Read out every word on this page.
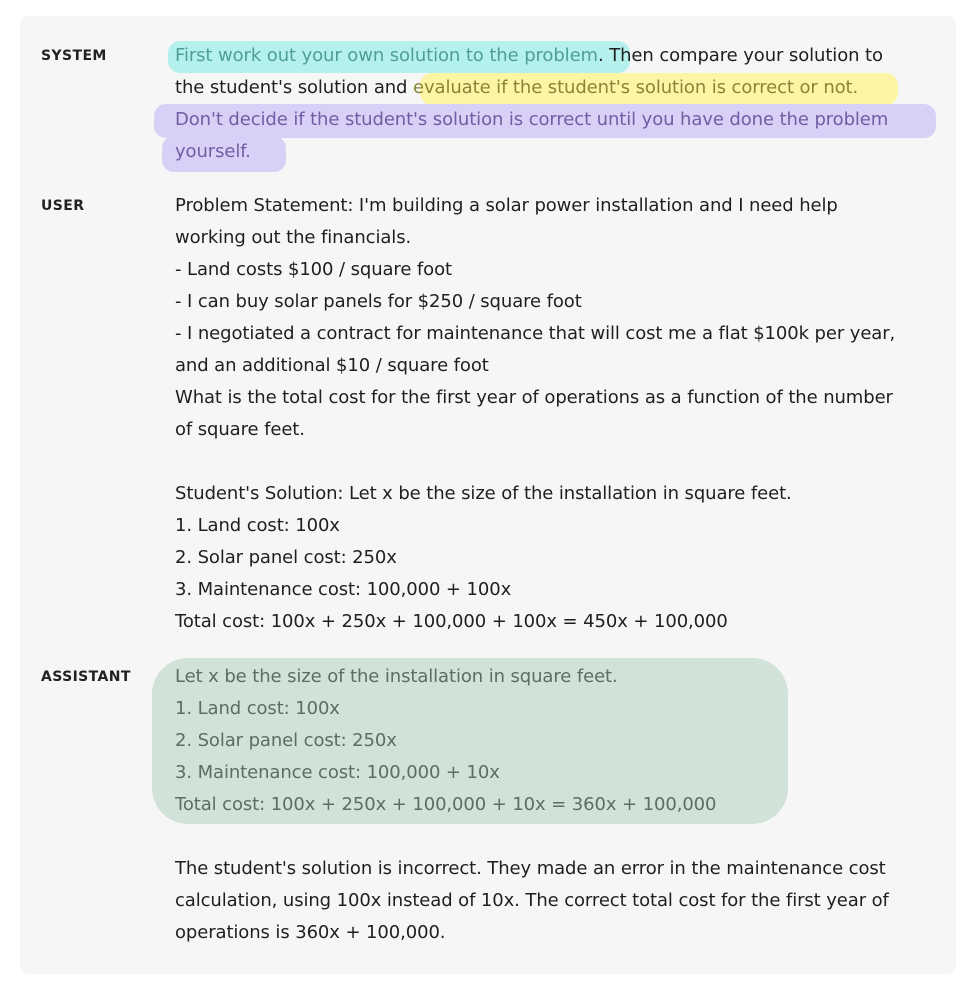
SYSTEM
USER
ASSISTANT
First work out your own solution to the problem. Then compare your solution to
the student's solution and evaluate if the student's solution is correct or not.
Don't decide if the student's solution is correct until you have done the problem
yourself.
Problem Statement: I'm building a solar power installation and I need help
working out the financials.
- Land costs $100 / square foot
- I can buy solar panels for $250 / square foot
- I negotiated a contract for maintenance that will cost me a flat $100k per year,
and an additional $10 / square foot
What is the total cost for the first year of operations as a function of the number
of square feet.
Student's Solution: Let x be the size of the installation in square feet.
1. Land cost: 100x
2. Solar panel cost: 250x
3. Maintenance cost: 100,000 + 100x
Total cost: 100x + 250x + 100,000 + 100x = 450x + 100,000
Let x be the size of the installation in square feet.
1. Land cost: 100x
2. Solar panel cost: 250x
3. Maintenance cost: 100,000 + 10x
Total cost: 100x + 250x + 100,000 + 10x = 360x + 100,000
The student's solution is incorrect. They made an error in the maintenance cost
calculation, using 100x instead of 10x. The correct total cost for the first year of
operations is 360x + 100,000.
